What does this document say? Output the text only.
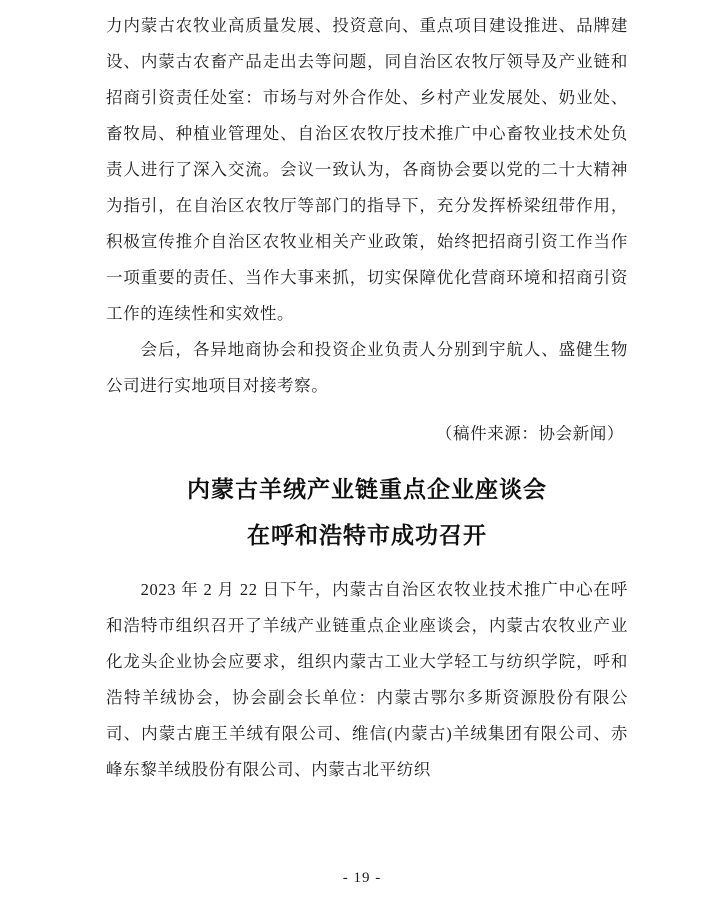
力内蒙古农牧业高质量发展、投资意向、重点项目建设推进、品牌建设、内蒙古农畜产品走出去等问题，同自治区农牧厅领导及产业链和招商引资责任处室：市场与对外合作处、乡村产业发展处、奶业处、畜牧局、种植业管理处、自治区农牧厅技术推广中心畜牧业技术处负责人进行了深入交流。会议一致认为，各商协会要以党的二十大精神为指引，在自治区农牧厅等部门的指导下，充分发挥桥梁纽带作用，积极宣传推介自治区农牧业相关产业政策，始终把招商引资工作当作一项重要的责任、当作大事来抓，切实保障优化营商环境和招商引资工作的连续性和实效性。

会后，各异地商协会和投资企业负责人分别到宇航人、盛健生物公司进行实地项目对接考察。

（稿件来源：协会新闻）

内蒙古羊绒产业链重点企业座谈会
在呼和浩特市成功召开

2023 年 2 月 22 日下午，内蒙古自治区农牧业技术推广中心在呼和浩特市组织召开了羊绒产业链重点企业座谈会，内蒙古农牧业产业化龙头企业协会应要求，组织内蒙古工业大学轻工与纺织学院，呼和浩特羊绒协会，协会副会长单位：内蒙古鄂尔多斯资源股份有限公司、内蒙古鹿王羊绒有限公司、维信(内蒙古)羊绒集团有限公司、赤峰东黎羊绒股份有限公司、内蒙古北平纺织

- 19 -
